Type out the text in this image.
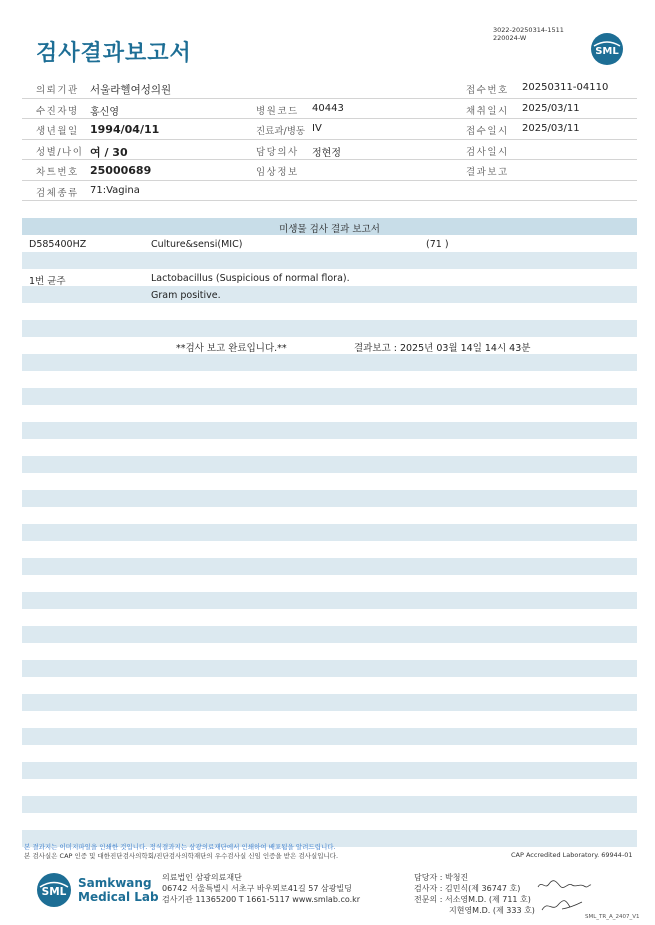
검사결과보고서
3022-20250314-1511
220024-W
SML
의뢰기관 서울라헬여성의원	접수번호 20250311-04110
수진자명 홍신영	병원코드 40443	채취일시 2025/03/11
생년월일 1994/04/11	진료과/병동 IV	접수일시 2025/03/11
성별/나이 여 / 30	담당의사 정현정	검사일시
차트번호 25000689	임상정보	결과보고
검체종류 71:Vagina
미생물 검사 결과 보고서
D585400HZ	Culture&sensi(MIC)	(71 )
1번 균주	Lactobacillus (Suspicious of normal flora).
Gram positive.
**검사 보고 완료입니다.**	결과보고 : 2025년 03월 14일 14시 43분
본 결과지는 이미지파일을 인쇄한 것입니다. 정식결과지는 삼광의료재단에서 인쇄하여 배포됨을 알려드립니다.
본 검사실은 CAP 인증 및 대한진단검사의학회/진단검사의학재단의 우수검사실 신임 인증을 받은 검사실입니다.	CAP Accredited Laboratory. 69944-01
SML
Samkwang
Medical Lab
의료법인 삼광의료재단
06742 서울특별시 서초구 바우뫼로41길 57 삼광빌딩
검사기관 11365200 T 1661-5117 www.smlab.co.kr
담당자 : 박청진
검사자 : 김민식(제 36747 호)
전문의 : 서소영M.D. (제 711 호)
지현영M.D. (제 333 호)
SML_TR_A_2407_V1
